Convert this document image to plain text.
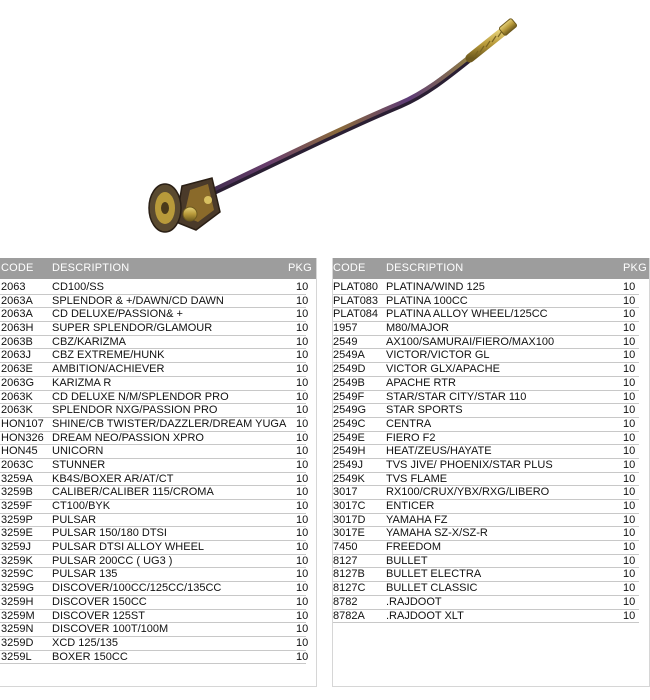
CODE DESCRIPTION	PKG
2063 CD100/SS	10
2063A SPLENDOR & +/DAWN/CD DAWN	10
2063A CD DELUXE/PASSION& +	10
2063H SUPER SPLENDOR/GLAMOUR	10
2063B CBZ/KARIZMA	10
2063J CBZ EXTREME/HUNK	10
2063E AMBITION/ACHIEVER	10
2063G KARIZMA R	10
2063K CD DELUXE N/M/SPLENDOR PRO	10
2063K SPLENDOR NXG/PASSION PRO	10
HON107 SHINE/CB TWISTER/DAZZLER/DREAM YUGA 10
HON326 DREAM NEO/PASSION XPRO	10
HON45 UNICORN	10
2063C STUNNER	10
3259A KB4S/BOXER AR/AT/CT	10
3259B CALIBER/CALIBER 115/CROMA	10
3259F CT100/BYK	10
3259P PULSAR	10
3259E PULSAR 150/180 DTSI	10
3259J PULSAR DTSI ALLOY WHEEL	10
3259K PULSAR 200CC ( UG3 )	10
3259C PULSAR 135	10
3259G DISCOVER/100CC/125CC/135CC	10
3259H DISCOVER 150CC	10
3259M DISCOVER 125ST	10
3259N DISCOVER 100T/100M	10
3259D XCD 125/135	10
3259L BOXER 150CC	10
CODE DESCRIPTION	PKG
PLAT080 PLATINA/WIND 125	10
PLAT083 PLATINA 100CC	10
PLAT084 PLATINA ALLOY WHEEL/125CC	10
1957	M80/MAJOR	10
2549	AX100/SAMURAI/FIERO/MAX100	10
2549A VICTOR/VICTOR GL	10
2549D VICTOR GLX/APACHE	10
2549B APACHE RTR	10
2549F STAR/STAR CITY/STAR 110	10
2549G STAR SPORTS	10
2549C CENTRA	10
2549E FIERO F2	10
2549H HEAT/ZEUS/HAYATE	10
2549J TVS JIVE/ PHOENIX/STAR PLUS	10
2549K TVS FLAME	10
3017	RX100/CRUX/YBX/RXG/LIBERO	10
3017C ENTICER	10
3017D YAMAHA FZ	10
3017E YAMAHA SZ-X/SZ-R	10
7450	FREEDOM	10
8127	BULLET	10
8127B BULLET ELECTRA	10
8127C BULLET CLASSIC	10
8782	.RAJDOOT	10
8782A .RAJDOOT XLT	10
